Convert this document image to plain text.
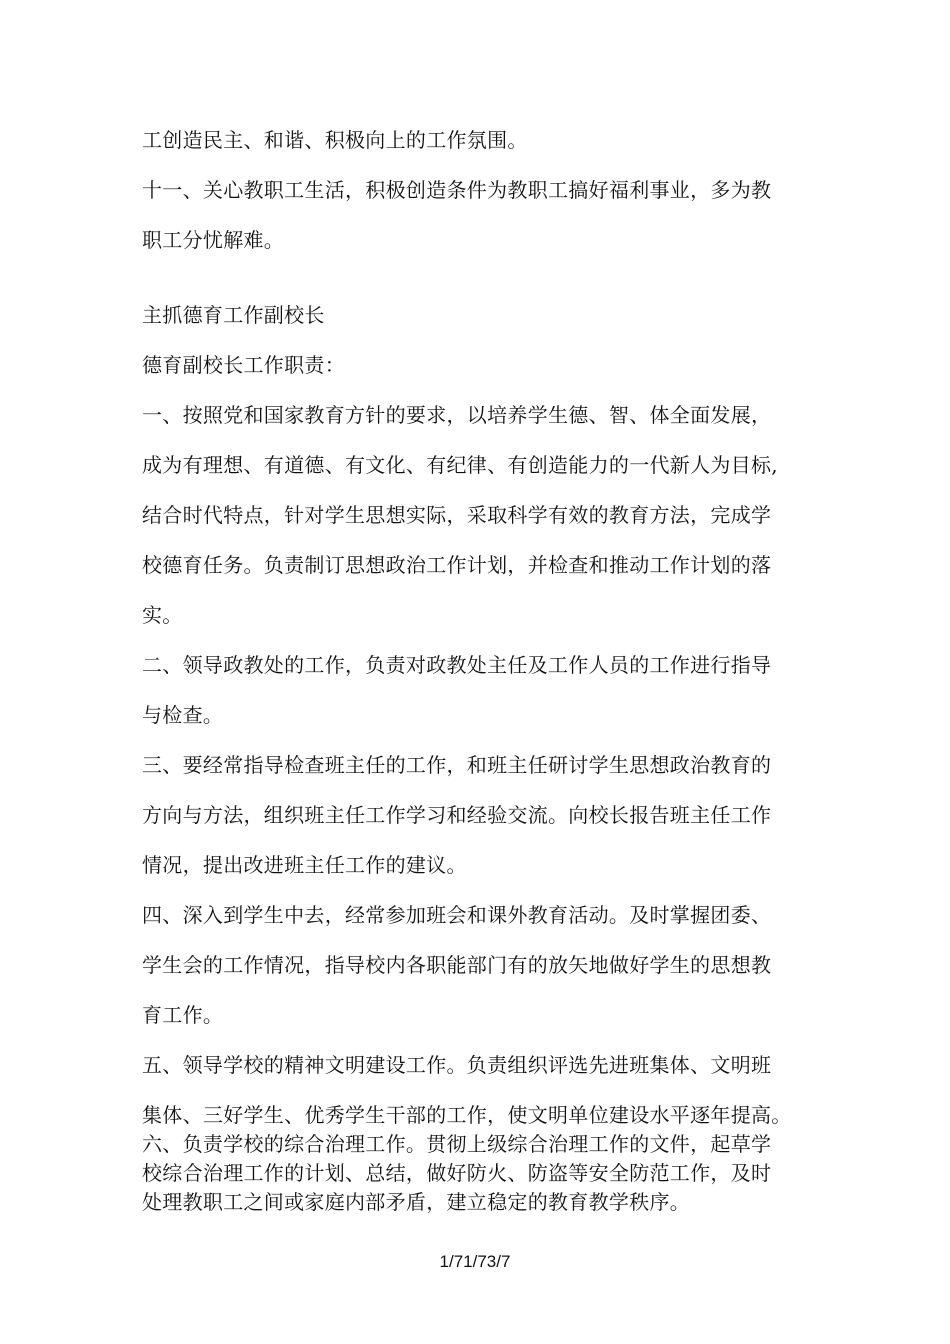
工创造民主、和谐、积极向上的工作氛围。
十一、关心教职工生活，积极创造条件为教职工搞好福利事业，多为教
职工分忧解难。
主抓德育工作副校长
德育副校长工作职责：
一、按照党和国家教育方针的要求，以培养学生德、智、体全面发展，
成为有理想、有道德、有文化、有纪律、有创造能力的一代新人为目标,
结合时代特点，针对学生思想实际，采取科学有效的教育方法，完成学
校德育任务。负责制订思想政治工作计划，并检查和推动工作计划的落
实。
二、领导政教处的工作，负责对政教处主任及工作人员的工作进行指导
与检查。
三、要经常指导检查班主任的工作，和班主任研讨学生思想政治教育的
方向与方法，组织班主任工作学习和经验交流。向校长报告班主任工作
情况，提出改进班主任工作的建议。
四、深入到学生中去，经常参加班会和课外教育活动。及时掌握团委、
学生会的工作情况，指导校内各职能部门有的放矢地做好学生的思想教
育工作。
五、领导学校的精神文明建设工作。负责组织评选先进班集体、文明班
集体、三好学生、优秀学生干部的工作，使文明单位建设水平逐年提高。
六、负责学校的综合治理工作。贯彻上级综合治理工作的文件，起草学
校综合治理工作的计划、总结，做好防火、防盗等安全防范工作，及时
处理教职工之间或家庭内部矛盾，建立稳定的教育教学秩序。
1/71/73/7
